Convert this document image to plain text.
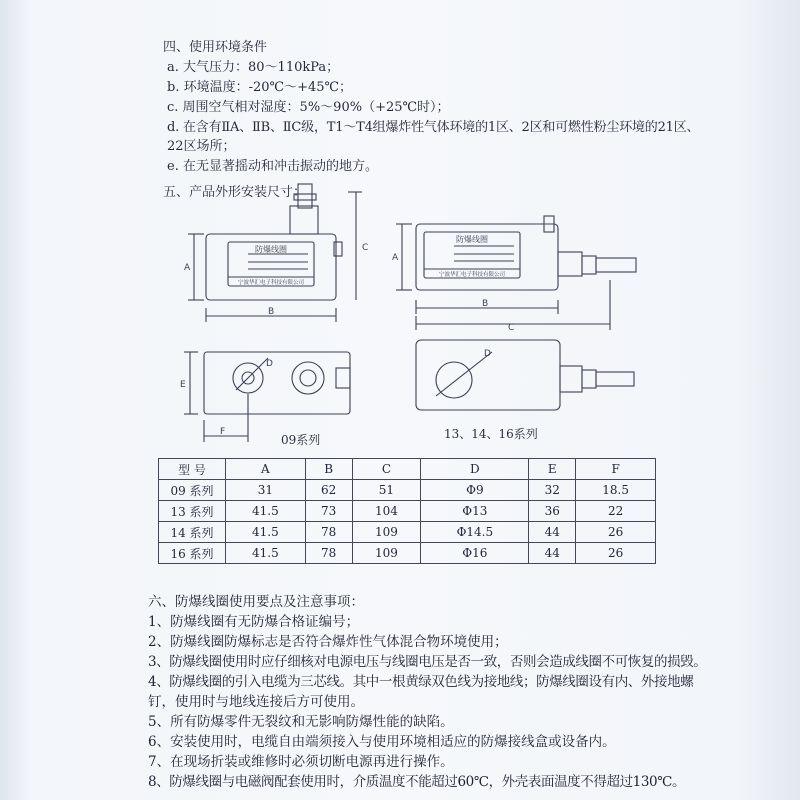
四、使用环境条件
a. 大气压力：80～110kPa；
b. 环境温度：-20℃～+45℃；
c. 周围空气相对湿度：5%～90%（+25℃时）；
d. 在含有ⅡA、ⅡB、ⅡC级，T1～T4组爆炸性气体环境的1区、2区和可燃性粉尘环境的21区、
22区场所；
e. 在无显著摇动和冲击振动的地方。
五、产品外形安装尺寸：
防爆线圈
宁波华汇电子科技有限公司
防爆线圈
宁波华汇电子科技有限公司
A
C
B
A
B
C
D
E
F
D
09系列	13、14、16系列
型 号	A	B	C	D	E	F
09 系列	31	62	51	Φ9	32	18.5
13 系列	41.5	73	104	Φ13	36	22
14 系列	41.5	78	109	Φ14.5	44	26
16 系列	41.5	78	109	Φ16	44	26
六、防爆线圈使用要点及注意事项：
1、防爆线圈有无防爆合格证编号；
2、防爆线圈防爆标志是否符合爆炸性气体混合物环境使用；
3、防爆线圈使用时应仔细核对电源电压与线圈电压是否一致，否则会造成线圈不可恢复的损毁。
4、防爆线圈的引入电缆为三芯线。其中一根黄绿双色线为接地线；防爆线圈设有内、外接地螺
钉，使用时与地线连接后方可使用。
5、所有防爆零件无裂纹和无影响防爆性能的缺陷。
6、安装使用时，电缆自由端须接入与使用环境相适应的防爆接线盒或设备内。
7、在现场折装或维修时必须切断电源再进行操作。
8、防爆线圈与电磁阀配套使用时，介质温度不能超过60℃，外壳表面温度不得超过130℃。
